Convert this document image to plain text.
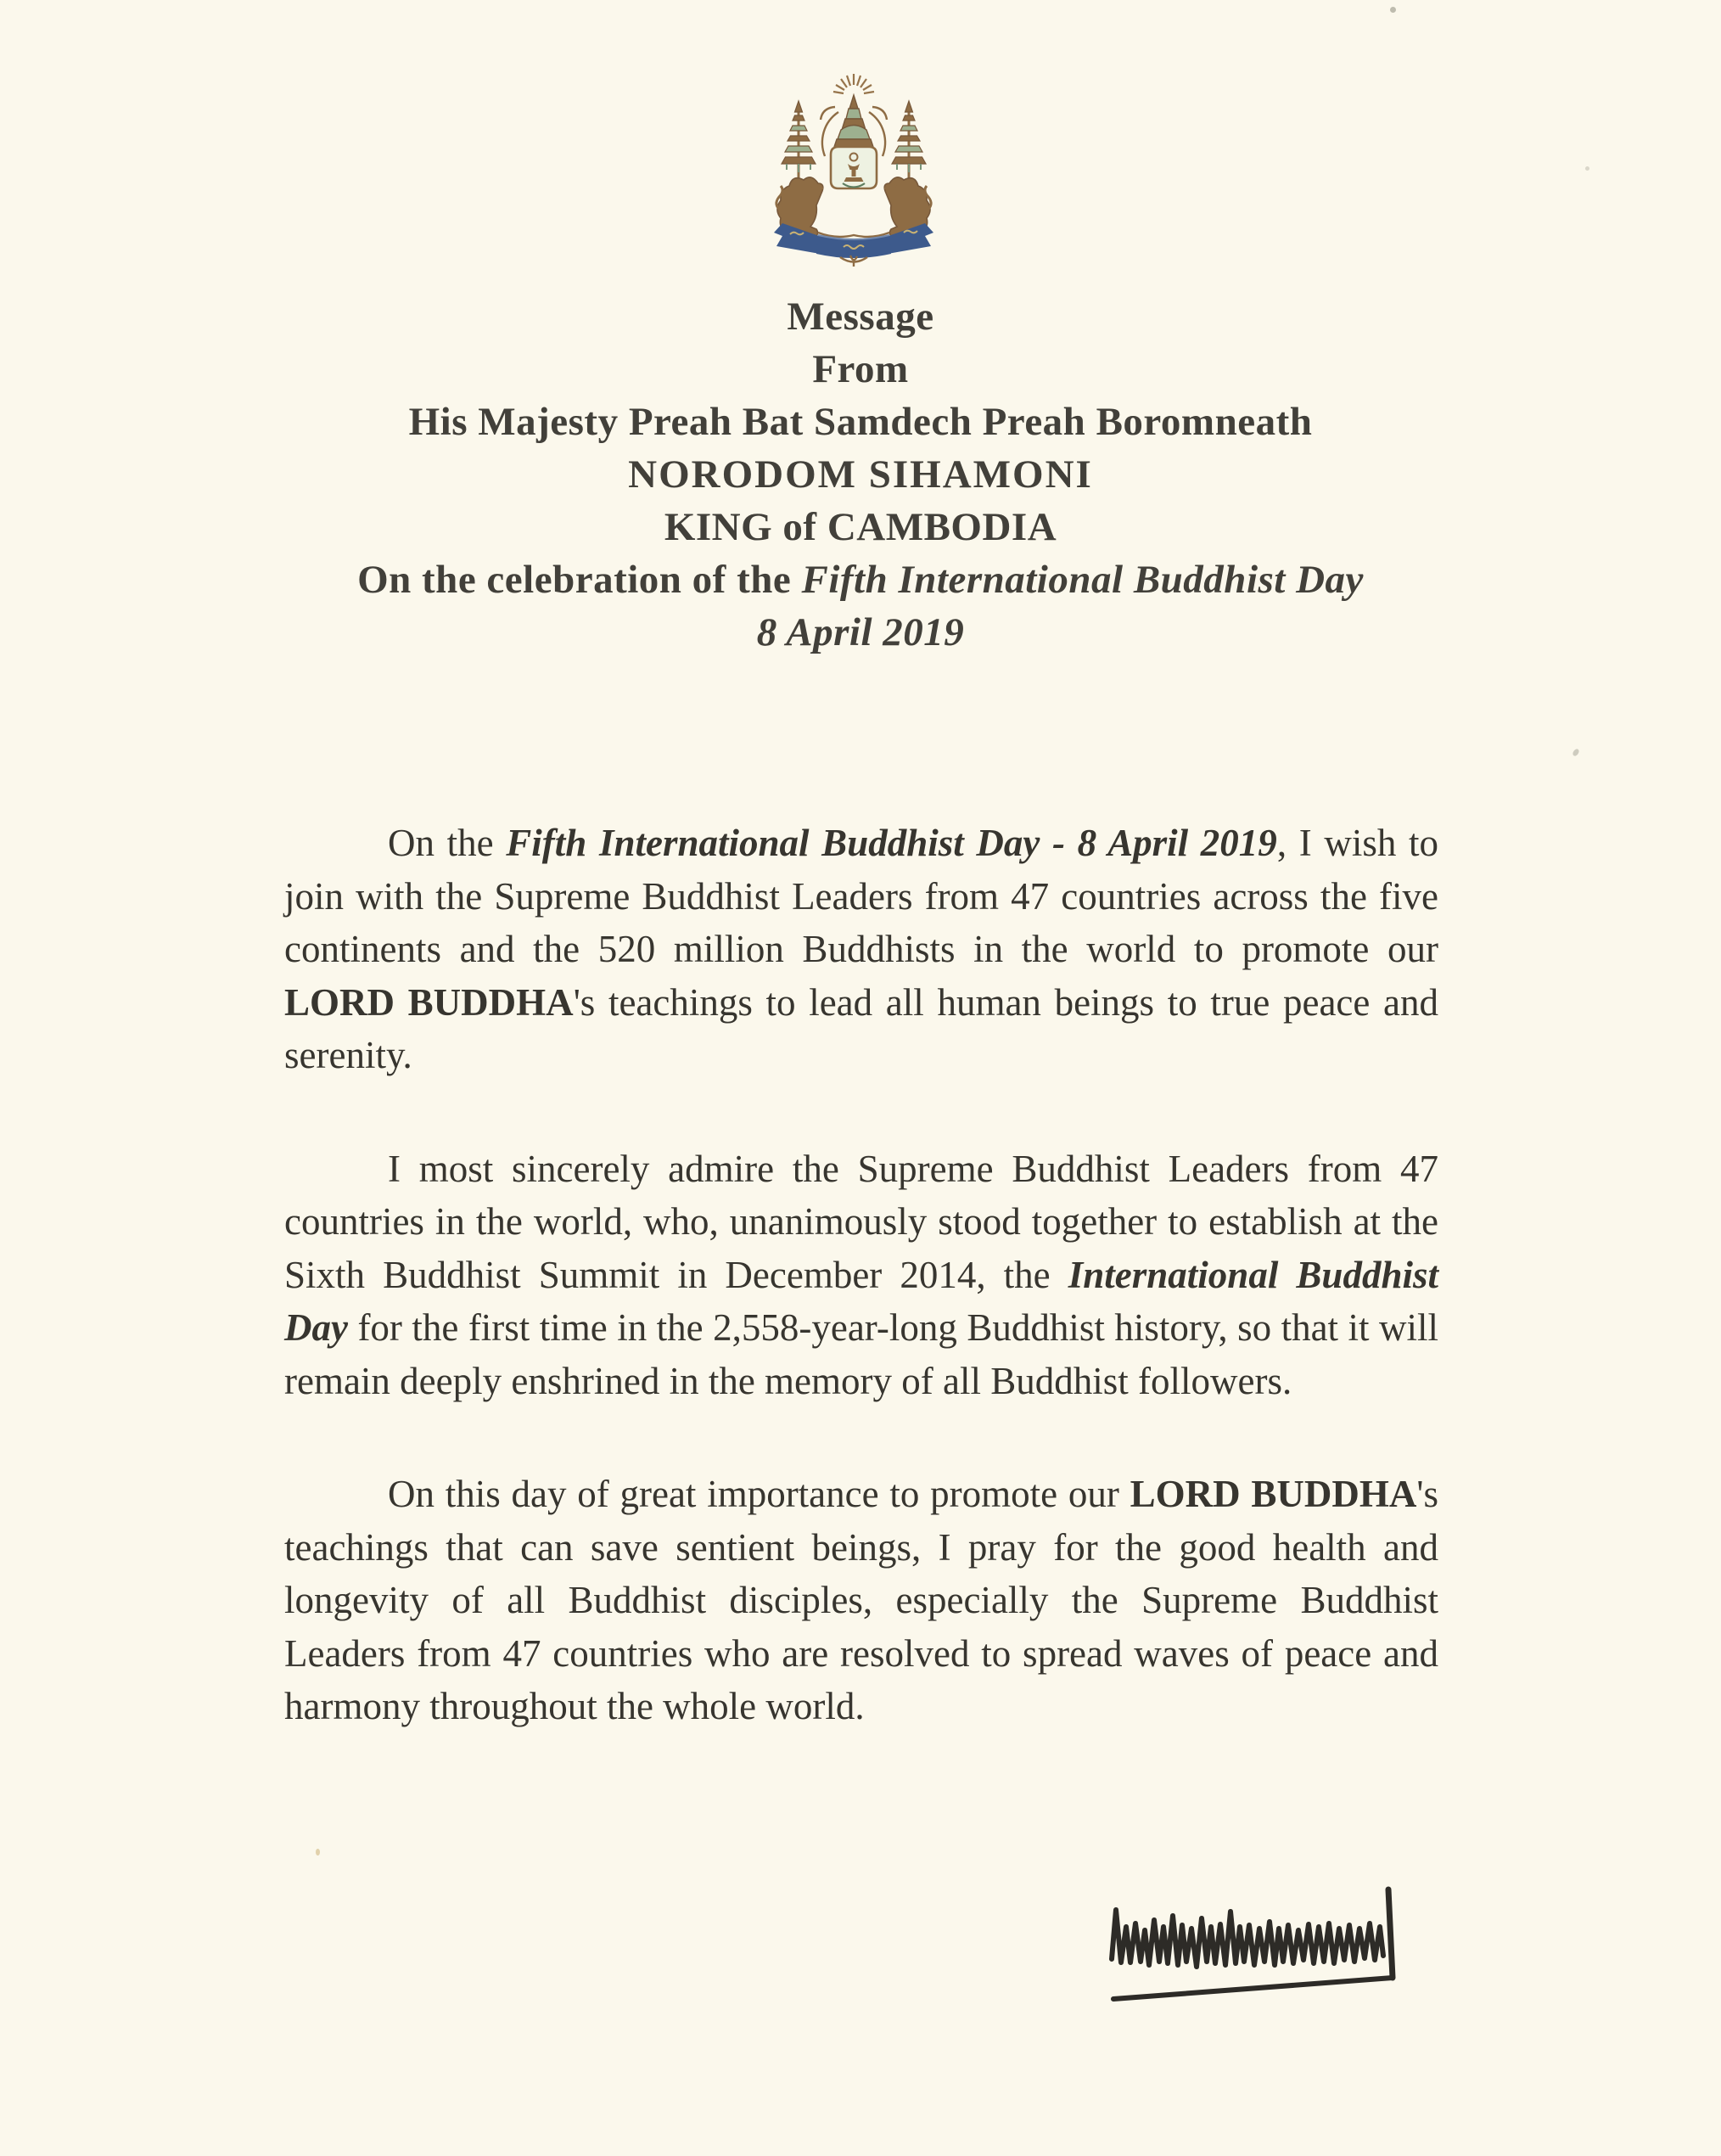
Message
From
His Majesty Preah Bat Samdech Preah Boromneath
NORODOM SIHAMONI
KING of CAMBODIA
On the celebration of the Fifth International Buddhist Day
8 April 2019

On the Fifth International Buddhist Day - 8 April 2019, I wish to join with the Supreme Buddhist Leaders from 47 countries across the five continents and the 520 million Buddhists in the world to promote our LORD BUDDHA's teachings to lead all human beings to true peace and serenity.

I most sincerely admire the Supreme Buddhist Leaders from 47 countries in the world, who, unanimously stood together to establish at the Sixth Buddhist Summit in December 2014, the International Buddhist Day for the first time in the 2,558-year-long Buddhist history, so that it will remain deeply enshrined in the memory of all Buddhist followers.

On this day of great importance to promote our LORD BUDDHA's teachings that can save sentient beings, I pray for the good health and longevity of all Buddhist disciples, especially the Supreme Buddhist Leaders from 47 countries who are resolved to spread waves of peace and harmony throughout the whole world.
